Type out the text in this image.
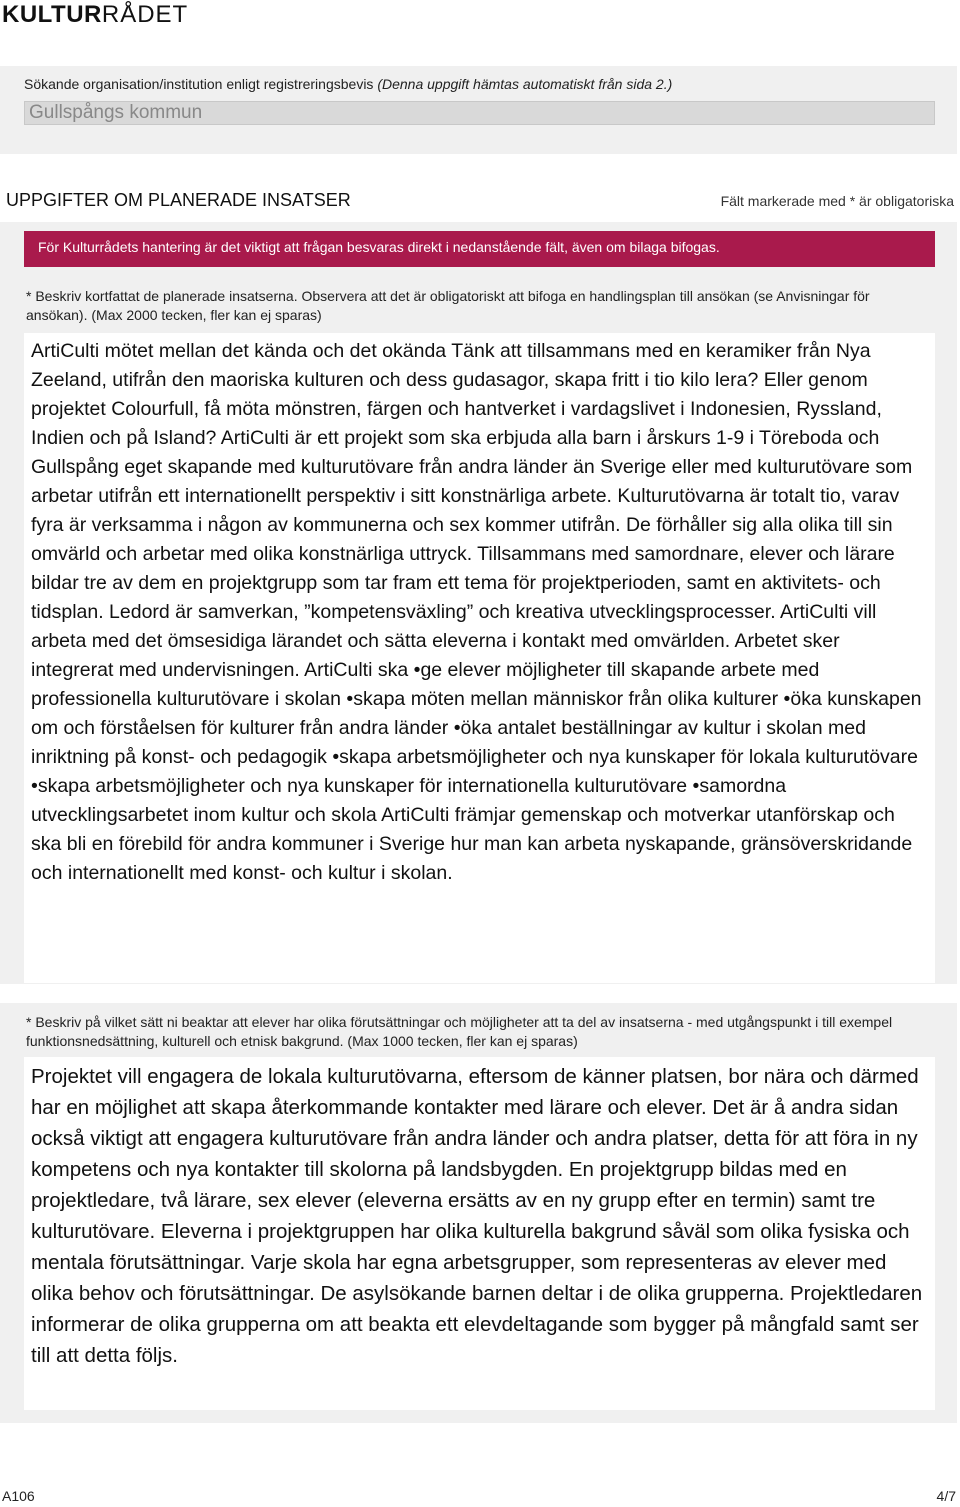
KULTURRÅDET
Sökande organisation/institution enligt registreringsbevis (Denna uppgift hämtas automatiskt från sida 2.)
Gullspångs kommun
UPPGIFTER OM PLANERADE INSATSER	Fält markerade med * är obligatoriska
För Kulturrådets hantering är det viktigt att frågan besvaras direkt i nedanstående fält, även om bilaga bifogas.
* Beskriv kortfattat de planerade insatserna. Observera att det är obligatoriskt att bifoga en handlingsplan till ansökan (se Anvisningar för ansökan). (Max 2000 tecken, fler kan ej sparas)
ArtiCulti mötet mellan det kända och det okända Tänk att tillsammans med en keramiker från Nya Zeeland, utifrån den maoriska kulturen och dess gudasagor, skapa fritt i tio kilo lera? Eller genom projektet Colourfull, få möta mönstren, färgen och hantverket i vardagslivet i Indonesien, Ryssland, Indien och på Island? ArtiCulti är ett projekt som ska erbjuda alla barn i årskurs 1-9 i Töreboda och Gullspång eget skapande med kulturutövare från andra länder än Sverige eller med kulturutövare som arbetar utifrån ett internationellt perspektiv i sitt konstnärliga arbete. Kulturutövarna är totalt tio, varav fyra är verksamma i någon av kommunerna och sex kommer utifrån. De förhåller sig alla olika till sin omvärld och arbetar med olika konstnärliga uttryck. Tillsammans med samordnare, elever och lärare bildar tre av dem en projektgrupp som tar fram ett tema för projektperioden, samt en aktivitets- och tidsplan. Ledord är samverkan, ”kompetensväxling” och kreativa utvecklingsprocesser. ArtiCulti vill arbeta med det ömsesidiga lärandet och sätta eleverna i kontakt med omvärlden. Arbetet sker integrerat med undervisningen. ArtiCulti ska •ge elever möjligheter till skapande arbete med professionella kulturutövare i skolan •skapa möten mellan människor från olika kulturer •öka kunskapen om och förståelsen för kulturer från andra länder •öka antalet beställningar av kultur i skolan med inriktning på konst- och pedagogik •skapa arbetsmöjligheter och nya kunskaper för lokala kulturutövare •skapa arbetsmöjligheter och nya kunskaper för internationella kulturutövare •samordna utvecklingsarbetet inom kultur och skola ArtiCulti främjar gemenskap och motverkar utanförskap och ska bli en förebild för andra kommuner i Sverige hur man kan arbeta nyskapande, gränsöverskridande och internationellt med konst- och kultur i skolan.
* Beskriv på vilket sätt ni beaktar att elever har olika förutsättningar och möjligheter att ta del av insatserna - med utgångspunkt i till exempel funktionsnedsättning, kulturell och etnisk bakgrund. (Max 1000 tecken, fler kan ej sparas)
Projektet vill engagera de lokala kulturutövarna, eftersom de känner platsen, bor nära och därmed har en möjlighet att skapa återkommande kontakter med lärare och elever. Det är å andra sidan också viktigt att engagera kulturutövare från andra länder och andra platser, detta för att föra in ny kompetens och nya kontakter till skolorna på landsbygden. En projektgrupp bildas med en projektledare, två lärare, sex elever (eleverna ersätts av en ny grupp efter en termin) samt tre kulturutövare. Eleverna i projektgruppen har olika kulturella bakgrund såväl som olika fysiska och mentala förutsättningar. Varje skola har egna arbetsgrupper, som representeras av elever med olika behov och förutsättningar. De asylsökande barnen deltar i de olika grupperna. Projektledaren informerar de olika grupperna om att beakta ett elevdeltagande som bygger på mångfald samt ser till att detta följs.
A106	4/7
